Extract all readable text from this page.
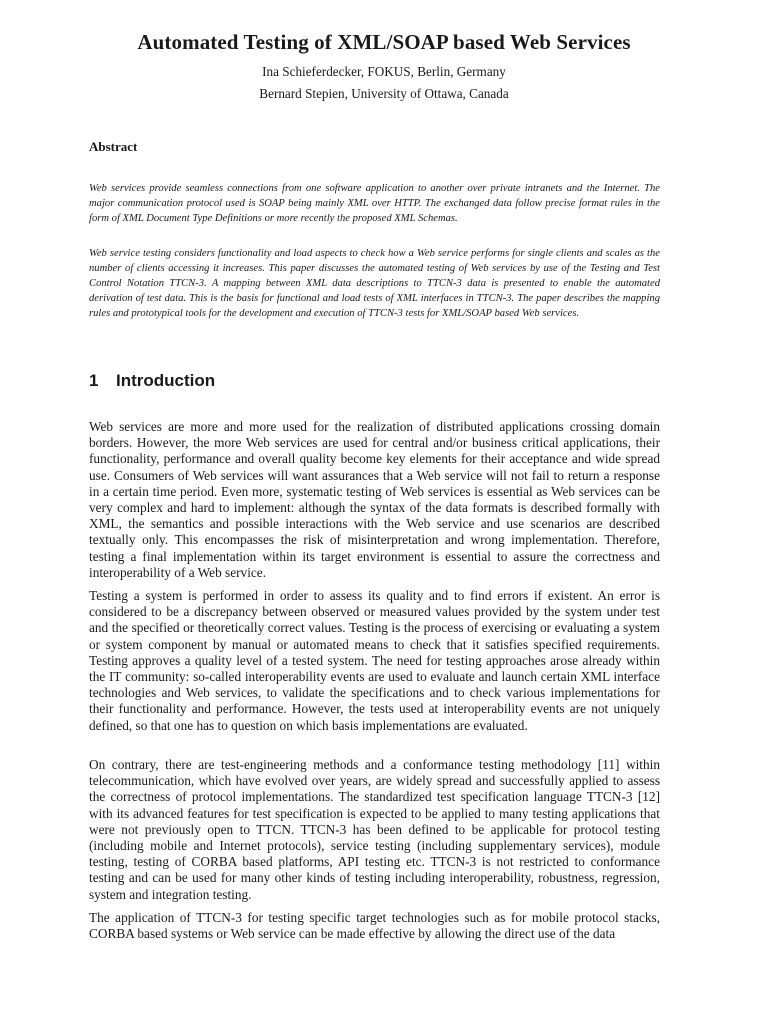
Automated Testing of XML/SOAP based Web Services

Ina Schieferdecker, FOKUS, Berlin, Germany

Bernard Stepien, University of Ottawa, Canada

Abstract

Web services provide seamless connections from one software application to another over private intranets and the Internet. The major communication protocol used is SOAP being mainly XML over HTTP. The exchanged data follow precise format rules in the form of XML Document Type Definitions or more recently the proposed XML Schemas.

Web service testing considers functionality and load aspects to check how a Web service performs for single clients and scales as the number of clients accessing it increases. This paper discusses the automated testing of Web services by use of the Testing and Test Control Notation TTCN-3. A mapping between XML data descriptions to TTCN-3 data is presented to enable the automated derivation of test data. This is the basis for functional and load tests of XML interfaces in TTCN-3. The paper describes the mapping rules and prototypical tools for the development and execution of TTCN-3 tests for XML/SOAP based Web services.

1 Introduction

Web services are more and more used for the realization of distributed applications crossing domain borders. However, the more Web services are used for central and/or business critical applications, their functionality, performance and overall quality become key elements for their acceptance and wide spread use. Consumers of Web services will want assurances that a Web service will not fail to return a response in a certain time period. Even more, systematic testing of Web services is essential as Web services can be very complex and hard to implement: although the syntax of the data formats is described formally with XML, the semantics and possible interactions with the Web service and use scenarios are described textually only. This encompasses the risk of misinterpretation and wrong implementation. Therefore, testing a final implementation within its target environment is essential to assure the correctness and interoperability of a Web service.

Testing a system is performed in order to assess its quality and to find errors if existent. An error is considered to be a discrepancy between observed or measured values provided by the system under test and the specified or theoretically correct values. Testing is the process of exercising or evaluating a system or system component by manual or automated means to check that it satisfies specified requirements. Testing approves a quality level of a tested system. The need for testing approaches arose already within the IT community: so-called interoperability events are used to evaluate and launch certain XML interface technologies and Web services, to validate the specifications and to check various implementations for their functionality and performance. However, the tests used at interoperability events are not uniquely defined, so that one has to question on which basis implementations are evaluated.

On contrary, there are test-engineering methods and a conformance testing methodology [11] within telecommunication, which have evolved over years, are widely spread and successfully applied to assess the correctness of protocol implementations. The standardized test specification language TTCN-3 [12] with its advanced features for test specification is expected to be applied to many testing applications that were not previously open to TTCN. TTCN-3 has been defined to be applicable for protocol testing (including mobile and Internet protocols), service testing (including supplementary services), module testing, testing of CORBA based platforms, API testing etc. TTCN-3 is not restricted to conformance testing and can be used for many other kinds of testing including interoperability, robustness, regression, system and integration testing.

The application of TTCN-3 for testing specific target technologies such as for mobile protocol stacks, CORBA based systems or Web service can be made effective by allowing the direct use of the data
